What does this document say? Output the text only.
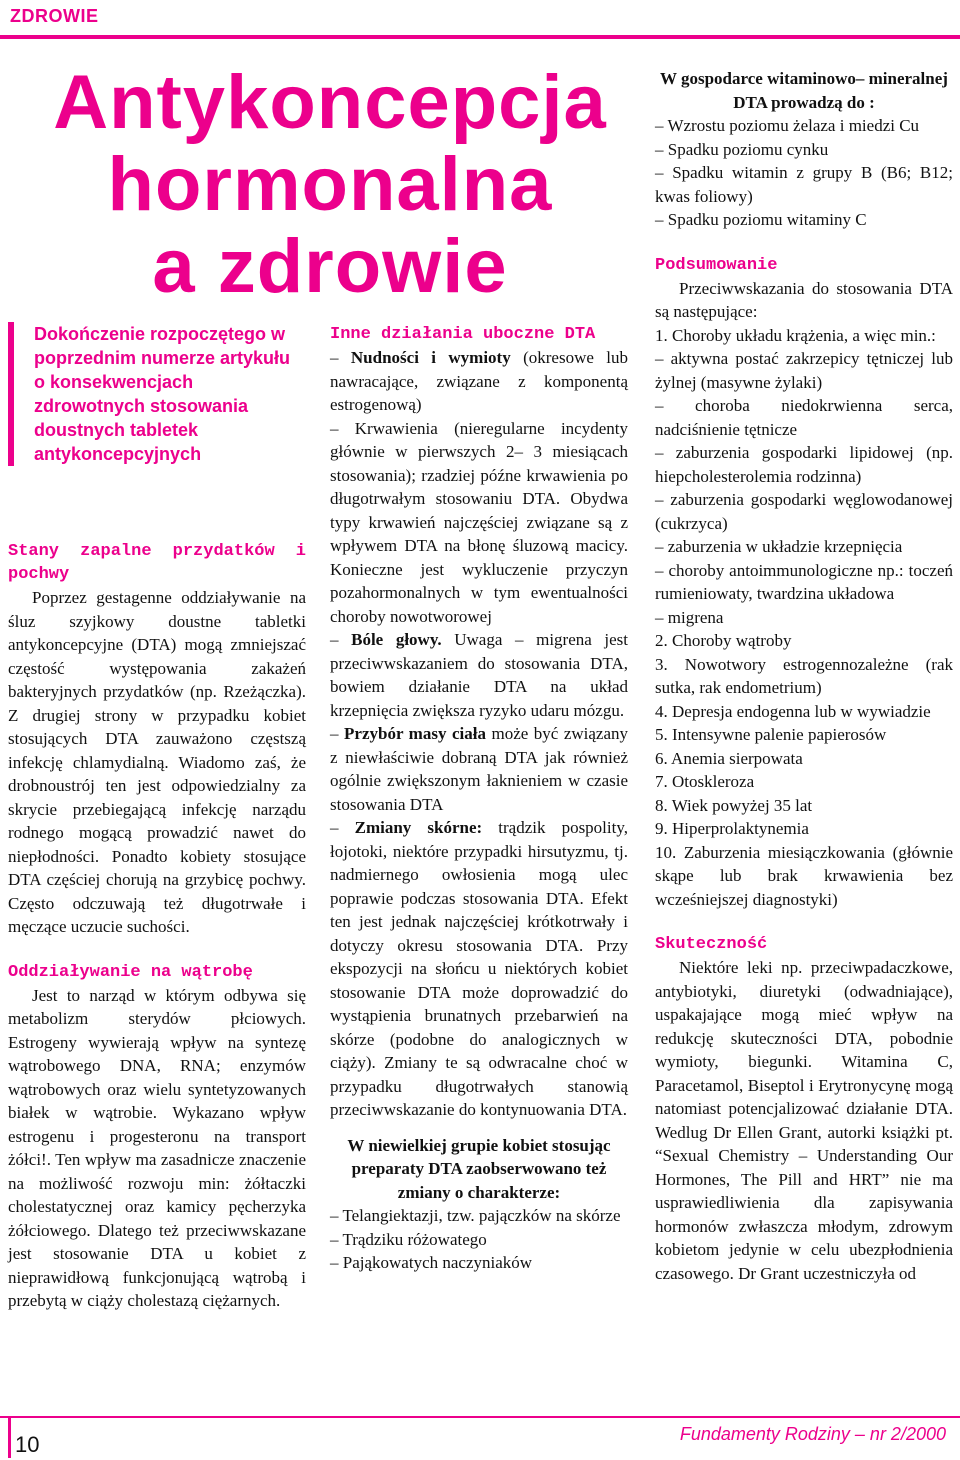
ZDROWIE
Antykoncepcja
hormonalna
a zdrowie
Dokończenie rozpoczętego w poprzednim numerze artykułu o konsekwencjach zdrowotnych stosowania doustnych tabletek antykoncepcyjnych

Stany zapalne przydatków i pochwy

Poprzez gestagenne oddziaływanie na śluz szyjkowy doustne tabletki antykoncepcyjne (DTA) mogą zmniejszać częstość występowania zakażeń bakteryjnych przydatków (np. Rzeżączka). Z drugiej strony w przypadku kobiet stosujących DTA zauważono częstszą infekcję chlamydialną. Wiadomo zaś, że drobnoustrój ten jest odpowiedzialny za skrycie przebiegającą infekcję narządu rodnego mogącą prowadzić nawet do niepłodności. Ponadto kobiety stosujące DTA częściej chorują na grzybicę pochwy. Często odczuwają też długotrwałe i męczące uczucie suchości.

Oddziaływanie na wątrobę

Jest to narząd w którym odbywa się metabolizm sterydów płciowych. Estrogeny wywierają wpływ na syntezę wątrobowego DNA, RNA; enzymów wątrobowych oraz wielu syntetyzowanych białek w wątrobie. Wykazano wpływ estrogenu i progesteronu na transport żółci!. Ten wpływ ma zasadnicze znaczenie na możliwość rozwoju min: żółtaczki cholestatycznej oraz kamicy pęcherzyka żółciowego. Dlatego też przeciwwskazane jest stosowanie DTA u kobiet z nieprawidłową funkcjonującą wątrobą i przebytą w ciąży cholestazą ciężarnych.

Inne działania uboczne DTA

– Nudności i wymioty (okresowe lub nawracające, związane z komponentą estrogenową)

– Krwawienia (nieregularne incydenty głównie w pierwszych 2– 3 miesiącach stosowania); rzadziej późne krwawienia po długotrwałym stosowaniu DTA. Obydwa typy krwawień najczęściej związane są z wpływem DTA na błonę śluzową macicy. Konieczne jest wykluczenie przyczyn pozahormonalnych w tym ewentualności choroby nowotworowej

– Bóle głowy. Uwaga – migrena jest przeciwwskazaniem do stosowania DTA, bowiem działanie DTA na układ krzepnięcia zwiększa ryzyko udaru mózgu.

– Przybór masy ciała może być związany z niewłaściwie dobraną DTA jak również ogólnie zwiększonym łaknieniem w czasie stosowania DTA

– Zmiany skórne: trądzik pospolity, łojotoki, niektóre przypadki hirsutyzmu, tj. nadmiernego owłosienia mogą ulec poprawie podczas stosowania DTA. Efekt ten jest jednak najczęściej krótkotrwały i dotyczy okresu stosowania DTA. Przy ekspozycji na słońcu u niektórych kobiet stosowanie DTA może doprowadzić do wystąpienia brunatnych przebarwień na skórze (podobne do analogicznych w ciąży). Zmiany te są odwracalne choć w przypadku długotrwałych stanowią przeciwwskazanie do kontynuowania DTA.

W niewielkiej grupie kobiet stosując preparaty DTA zaobserwowano też zmiany o charakterze:

– Telangiektazji, tzw. pajączków na skórze

– Trądziku różowatego

– Pająkowatych naczyniaków

W gospodarce witaminowo– mineralnej DTA prowadzą do :

– Wzrostu poziomu żelaza i miedzi Cu

– Spadku poziomu cynku

– Spadku witamin z grupy B (B6; B12; kwas foliowy)

– Spadku poziomu witaminy C

Podsumowanie

Przeciwwskazania do stosowania DTA są następujące:

1. Choroby układu krążenia, a więc min.:

– aktywna postać zakrzepicy tętniczej lub żylnej (masywne żylaki)

– choroba niedokrwienna serca, nadciśnienie tętnicze

– zaburzenia gospodarki lipidowej (np. hiepcholesterolemia rodzinna)

– zaburzenia gospodarki węglowodanowej (cukrzyca)

– zaburzenia w układzie krzepnięcia

– choroby antoimmunologiczne np.: toczeń rumieniowaty, twardzina układowa

– migrena

2. Choroby wątroby

3. Nowotwory estrogennozależne (rak sutka, rak endometrium)

4. Depresja endogenna lub w wywiadzie

5. Intensywne palenie papierosów

6. Anemia sierpowata

7. Otoskleroza

8. Wiek powyżej 35 lat

9. Hiperprolaktynemia

10. Zaburzenia miesiączkowania (głównie skąpe lub brak krwawienia bez wcześniejszej diagnostyki)

Skuteczność

Niektóre leki np. przeciwpadaczkowe, antybiotyki, diuretyki (odwadniające), uspakajające mogą mieć wpływ na redukcję skuteczności DTA, pobodnie wymioty, biegunki. Witamina C, Paracetamol, Biseptol i Erytronycynę mogą natomiast potencjalizować działanie DTA. Wedlug Dr Ellen Grant, autorki książki pt. “Sexual Chemistry – Understanding Our Hormones, The Pill and HRT” nie ma usprawiedliwienia dla zapisywania hormonów zwłaszcza młodym, zdrowym kobietom jedynie w celu ubezpłodnienia czasowego. Dr Grant uczestniczyła od

10	Fundamenty Rodziny – nr 2/2000
